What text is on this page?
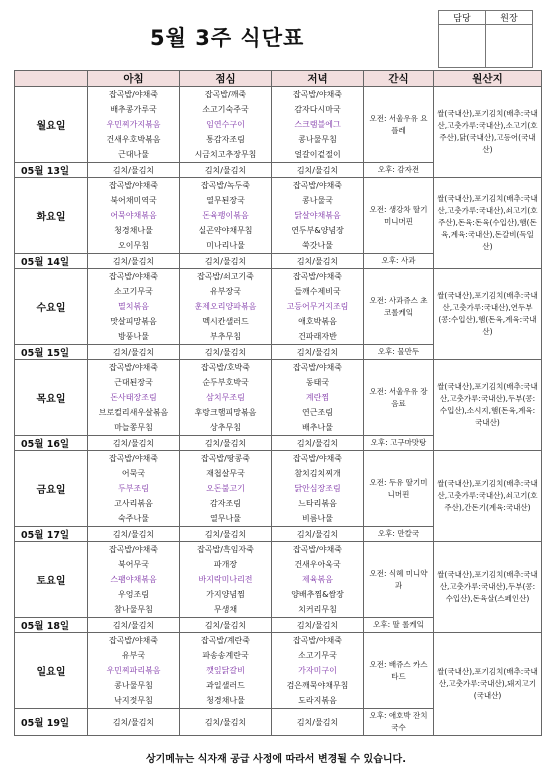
5월 3주 식단표
담당	원장

	아침	점심	저녁	간식	원산지
월요일	잡곡밥/야채죽
배추콩가루국
우민찌가지볶음
건새우호박볶음
근대나물	잡곡밥/깨죽
소고기숙주국
임연수구이
통감자조림
시금치고추장무침	잡곡밥/야채죽
감자다시마국
스크램블에그
콩나물무침
얼갈이겉절이	오전: 서울우유 요플레	쌀(국내산),포기김치(배추:국내산,고춧가루:국내산),소고기(호주산),닭(국내산),고등어(국내산)
05월 13일	김치/물김치	김치/물김치	김치/물김치	오후: 감자전	
화요일	잡곡밥/야채죽
북어채미역국
어묵야채볶음
청경채나물
오이무침	잡곡밥/녹두죽
열무된장국
돈육팽이볶음
실곤약야채무침
미나리나물	잡곡밥/야채죽
콩나물국
닭살야채볶음
연두부&양념장
쑥갓나물	오전: 생강차 딸기미니머핀	쌀(국내산),포기김치(배추:국내산,고춧가루:국내산),쇠고기(호주산),돈육:돈육(수입산),햄(돈육,계육:국내산),돈갈비(독일산)
05월 14일	김치/물김치	김치/물김치	김치/물김치	오후: 사과	
수요일	잡곡밥/야채죽
소고기무국
멸치볶음
맛살피망볶음
방풍나물	잡곡밥/쇠고기죽
유부장국
훈제오리양파볶음
멕시칸샐러드
부추무침	잡곡밥/야채죽
들깨수제비국
고등어무거지조림
애호박볶음
건파래자반	오전: 사과쥬스 초코롤케잌	쌀(국내산),포기김치(배추:국내산,고춧가루:국내산),연두부(콩:수입산),햄(돈육,계육:국내산)
05월 15일	김치/물김치	김치/물김치	김치/물김치	오후: 물만두	
목요일	잡곡밥/야채죽
근대된장국
돈사태장조림
브로컬리새우살볶음
마늘쫑무침	잡곡밥/호박죽
순두부호박국
삼치무조림
후랑크햄피망볶음
상추무침	잡곡밥/야채죽
동태국
계란찜
연근조림
배추나물	오전: 서울우유 장음료	쌀(국내산),포기김치(배추:국내산,고춧가루:국내산),두부(콩:수입산),소시지,햄(돈육,계육:국내산)
05월 16일	김치/물김치	김치/물김치	김치/물김치	오후: 고구마맛탕	
금요일	잡곡밥/야채죽
어묵국
두부조림
고사리볶음
숙주나물	잡곡밥/땅콩죽
재첩살무국
오돈불고기
감자조림
열무나물	잡곡밥/야채죽
참치김치찌개
닭안심장조림
느타리볶음
비름나물	오전: 두유 딸기미니머핀	쌀(국내산),포기김치(배추:국내산,고춧가루:국내산),쇠고기(호주산),간돈기(계육:국내산)
05월 17일	김치/물김치	김치/물김치	김치/물김치	오후: 만칼국	
토요일	잡곡밥/야채죽
북어무국
스팸야채볶음
우엉조림
참나물무침	잡곡밥/흑임자죽
파개장
바지락미나리전
가지양념찜
무생채	잡곡밥/야채죽
건새우아욱국
제육볶음
양배추찜&쌈장
치커리무침	오전: 식혜 미니약과	쌀(국내산),포기김치(배추:국내산,고춧가루:국내산),두부(콩:수입산),돈육살(스페인산)
05월 18일	김치/물김치	김치/물김치	김치/물김치	오후: 딸 롤케잌	
일요일	잡곡밥/야채죽
유부국
우민찌파리볶음
콩나물무침
낙지젓무침	잡곡밥/계란죽
파송송계란국
깻잎닭갈비
과일샐러드
청경채나물	잡곡밥/야채죽
소고기무국
가자미구이
검은깨묵야채무침
도라지볶음	오전: 배쥬스 카스타드	쌀(국내산),포기김치(배추:국내산,고춧가루:국내산),돼지고기(국내산)
05월 19일	김치/물김치	김치/물김치	김치/물김치	오후: 애호박 잔치국수	
상기메뉴는 식자재 공급 사정에 따라서 변경될 수 있습니다.
